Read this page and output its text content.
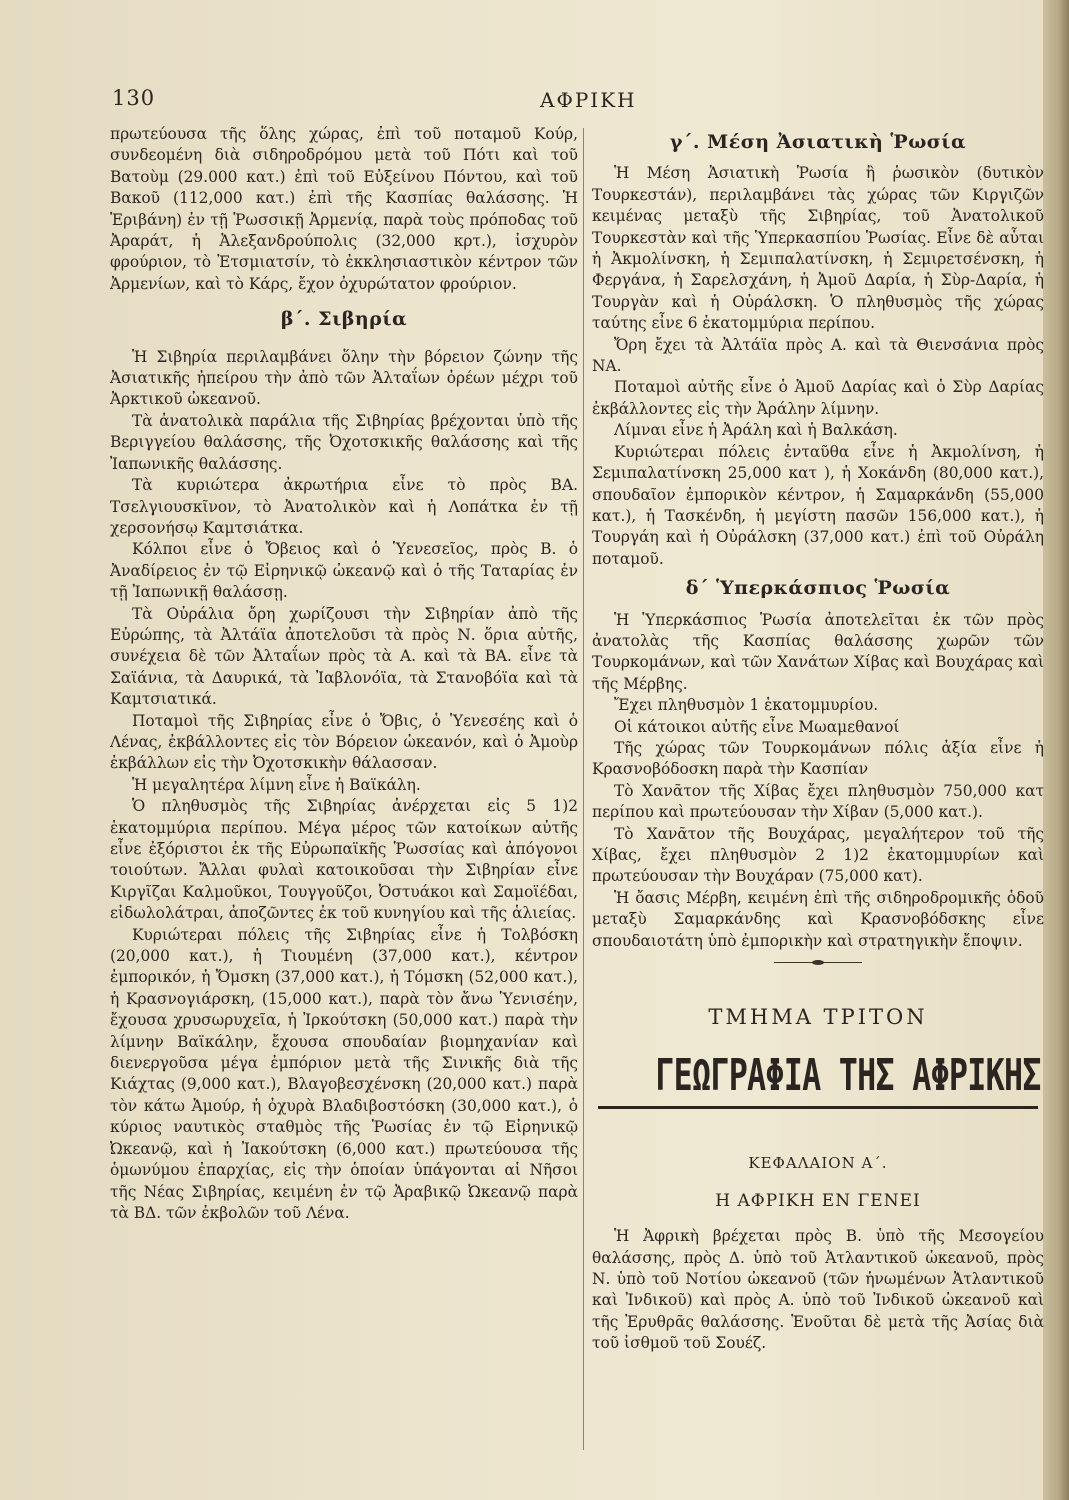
130	ΑΦΡΙΚΗ

πρωτεύουσα τῆς ὅλης χώρας, ἐπὶ τοῦ ποταμοῦ Κούρ, συνδεομένη διὰ σιδηροδρόμου μετὰ τοῦ Πότι καὶ τοῦ Βατοὺμ (29.000 κατ.) ἐπὶ τοῦ Εὐξείνου Πόντου, καὶ τοῦ Βακοῦ (112,000 κατ.) ἐπὶ τῆς Κασπίας θαλάσσης. Ἡ Ἐριβάνη) ἐν τῇ Ῥωσσικῇ Ἀρμενίᾳ, παρὰ τοὺς πρόποδας τοῦ Ἀραράτ, ἡ Ἀλεξανδρούπολις (32,000 κρτ.), ἰσχυρὸν φρούριον, τὸ Ἐτσμιατσίν, τὸ ἐκκλησιαστικὸν κέντρον τῶν Ἀρμενίων, καὶ τὸ Κάρς, ἔχον ὀχυρώτατον φρούριον.

β΄. Σιβηρία

Ἡ Σιβηρία περιλαμβάνει ὅλην τὴν βόρειον ζώνην τῆς Ἀσιατικῆς ἠπείρου τὴν ἀπὸ τῶν Ἀλταΐων ὀρέων μέχρι τοῦ Ἀρκτικοῦ ὠκεανοῦ.

Τὰ ἀνατολικὰ παράλια τῆς Σιβηρίας βρέχονται ὑπὸ τῆς Βεριγγείου θαλάσσης, τῆς Ὀχοτσκικῆς θαλάσσης καὶ τῆς Ἰαπωνικῆς θαλάσσης.

Τὰ κυριώτερα ἀκρωτήρια εἶνε τὸ πρὸς ΒΑ. Τσελγιουσκῖνον, τὸ Ἀνατολικὸν καὶ ἡ Λοπάτκα ἐν τῇ χερσονήσῳ Καμτσιάτκα.

Κόλποι εἶνε ὁ Ὄβειος καὶ ὁ Ὑενεσεῖος, πρὸς Β. ὁ Ἀναδίρειος ἐν τῷ Εἰρηνικῷ ὠκεανῷ καὶ ὁ τῆς Ταταρίας ἐν τῇ Ἰαπωνικῇ θαλάσσῃ.

Τὰ Οὐράλια ὄρη χωρίζουσι τὴν Σιβηρίαν ἀπὸ τῆς Εὐρώπης, τὰ Ἀλτάϊα ἀποτελοῦσι τὰ πρὸς Ν. ὅρια αὐτῆς, συνέχεια δὲ τῶν Ἀλταΐων πρὸς τὰ Α. καὶ τὰ ΒΑ. εἶνε τὰ Σαϊάνια, τὰ Δαυρικά, τὰ Ἰαβλονόϊα, τὰ Στανοβόϊα καὶ τὰ Καμτσιατικά.

Ποταμοὶ τῆς Σιβηρίας εἶνε ὁ Ὄβις, ὁ Ὑενεσέης καὶ ὁ Λένας, ἐκβάλλοντες εἰς τὸν Βόρειον ὠκεανόν, καὶ ὁ Ἀμοὺρ ἐκβάλλων εἰς τὴν Ὀχοτσκικὴν θάλασσαν.

Ἡ μεγαλητέρα λίμνη εἶνε ἡ Βαϊκάλη.

Ὁ πληθυσμὸς τῆς Σιβηρίας ἀνέρχεται εἰς 5 1)2 ἑκατομμύρια περίπου. Μέγα μέρος τῶν κατοίκων αὐτῆς εἶνε ἐξόριστοι ἐκ τῆς Εὐρωπαϊκῆς Ῥωσσίας καὶ ἀπόγονοι τοιούτων. Ἄλλαι φυλαὶ κατοικοῦσαι τὴν Σιβηρίαν εἶνε Κιργῖζαι Καλμοῦκοι, Τουγγοῦζοι, Ὀστυάκοι καὶ Σαμοϊέδαι, εἰδωλολάτραι, ἀποζῶντες ἐκ τοῦ κυνηγίου καὶ τῆς ἁλιείας.

Κυριώτεραι πόλεις τῆς Σιβηρίας εἶνε ἡ Τολβόσκη (20,000 κατ.), ἡ Τιουμένη (37,000 κατ.), κέντρον ἐμπορικόν, ἡ Ὄμσκη (37,000 κατ.), ἡ Τόμσκη (52,000 κατ.), ἡ Κρασνογιάρσκη, (15,000 κατ.), παρὰ τὸν ἄνω Ὑενισέην, ἔχουσα χρυσωρυχεῖα, ἡ Ἰρκούτσκη (50,000 κατ.) παρὰ τὴν λίμνην Βαϊκάλην, ἔχουσα σπουδαίαν βιομηχανίαν καὶ διενεργοῦσα μέγα ἐμπόριον μετὰ τῆς Σινικῆς διὰ τῆς Κιάχτας (9,000 κατ.), Βλαγοβεσχένσκη (20,000 κατ.) παρὰ τὸν κάτω Ἀμούρ, ἡ ὀχυρὰ Βλαδιβοστόσκη (30,000 κατ.), ὁ κύριος ναυτικὸς σταθμὸς τῆς Ῥωσίας ἐν τῷ Εἰρηνικῷ Ὠκεανῷ, καὶ ἡ Ἰακούτσκη (6,000 κατ.) πρωτεύουσα τῆς ὁμωνύμου ἐπαρχίας, εἰς τὴν ὁποίαν ὑπάγονται αἱ Νῆσοι τῆς Νέας Σιβηρίας, κειμένη ἐν τῷ Ἀραβικῷ Ὠκεανῷ παρὰ τὰ ΒΔ. τῶν ἐκβολῶν τοῦ Λένα.

γ΄. Μέση Ἀσιατικὴ Ῥωσία

Ἡ Μέση Ἀσιατικὴ Ῥωσία ἢ ῥωσικὸν (δυτικὸν Τουρκεστάν), περιλαμβάνει τὰς χώρας τῶν Κιργιζῶν κειμένας μεταξὺ τῆς Σιβηρίας, τοῦ Ἀνατολικοῦ Τουρκεστὰν καὶ τῆς Ὑπερκασπίου Ῥωσίας. Εἶνε δὲ αὗται ἡ Ἀκμολίνσκη, ἡ Σεμιπαλατίνσκη, ἡ Σεμιρετσένσκη, ἡ Φεργάνα, ἡ Σαρελσχάνη, ἡ Ἀμοῦ Δαρία, ἡ Σὺρ-Δαρία, ἡ Τουργὰν καὶ ἡ Οὐράλσκη. Ὁ πληθυσμὸς τῆς χώρας ταύτης εἶνε 6 ἑκατομμύρια περίπου.

Ὄρη ἔχει τὰ Ἀλτάϊα πρὸς Α. καὶ τὰ Θιενσάνια πρὸς ΝΑ.

Ποταμοὶ αὐτῆς εἶνε ὁ Ἀμοῦ Δαρίας καὶ ὁ Σὺρ Δαρίας ἐκβάλλοντες εἰς τὴν Ἀράλην λίμνην.

Λίμναι εἶνε ἡ Ἀράλη καὶ ἡ Βαλκάση.

Κυριώτεραι πόλεις ἐνταῦθα εἶνε ἡ Ἀκμολίνση, ἡ Σεμιπαλατίνσκη 25,000 κατ ), ἡ Χοκάνδη (80,000 κατ.), σπουδαῖον ἐμπορικὸν κέντρον, ἡ Σαμαρκάνδη (55,000 κατ.), ἡ Τασκένδη, ἡ μεγίστη πασῶν 156,000 κατ.), ἡ Τουργάη καὶ ἡ Οὐράλσκη (37,000 κατ.) ἐπὶ τοῦ Οὐράλη ποταμοῦ.

δ΄ Ὑπερκάσπιος Ῥωσία

Ἡ Ὑπερκάσπιος Ῥωσία ἀποτελεῖται ἐκ τῶν πρὸς ἀνατολὰς τῆς Κασπίας θαλάσσης χωρῶν τῶν Τουρκομάνων, καὶ τῶν Χανάτων Χίβας καὶ Βουχάρας καὶ τῆς Μέρβης.

Ἔχει πληθυσμὸν 1 ἑκατομμυρίου.

Οἱ κάτοικοι αὐτῆς εἶνε Μωαμεθανοί

Τῆς χώρας τῶν Τουρκομάνων πόλις ἀξία εἶνε ἡ Κρασνοβόδοσκη παρὰ τὴν Κασπίαν

Τὸ Χανᾶτον τῆς Χίβας ἔχει πληθυσμὸν 750,000 κατ περίπου καὶ πρωτεύουσαν τὴν Χίβαν (5,000 κατ.).

Τὸ Χανᾶτον τῆς Βουχάρας, μεγαλήτερον τοῦ τῆς Χίβας, ἔχει πληθυσμὸν 2 1)2 ἑκατομμυρίων καὶ πρωτεύουσαν τὴν Βουχάραν (75,000 κατ).

Ἡ ὄασις Μέρβη, κειμένη ἐπὶ τῆς σιδηροδρομικῆς ὁδοῦ μεταξὺ Σαμαρκάνδης καὶ Κρασνοβόδσκης εἶνε σπουδαιοτάτη ὑπὸ ἐμπορικὴν καὶ στρατηγικὴν ἔποψιν.

ΤΜΗΜΑ ΤΡΙΤΟΝ
ΓΕΩΓΡΑΦΙΑ ΤΗΣ ΑΦΡΙΚΗΣ
ΚΕΦΑΛΑΙΟΝ Α΄.
Η ΑΦΡΙΚΗ ΕΝ ΓΕΝΕΙ

Ἡ Ἀφρικὴ βρέχεται πρὸς Β. ὑπὸ τῆς Μεσογείου θαλάσσης, πρὸς Δ. ὑπὸ τοῦ Ἀτλαντικοῦ ὠκεανοῦ, πρὸς Ν. ὑπὸ τοῦ Νοτίου ὠκεανοῦ (τῶν ἡνωμένων Ἀτλαντικοῦ καὶ Ἰνδικοῦ) καὶ πρὸς Α. ὑπὸ τοῦ Ἰνδικοῦ ὠκεανοῦ καὶ τῆς Ἐρυθρᾶς θαλάσσης. Ἑνοῦται δὲ μετὰ τῆς Ἀσίας διὰ τοῦ ἰσθμοῦ τοῦ Σουέζ.
